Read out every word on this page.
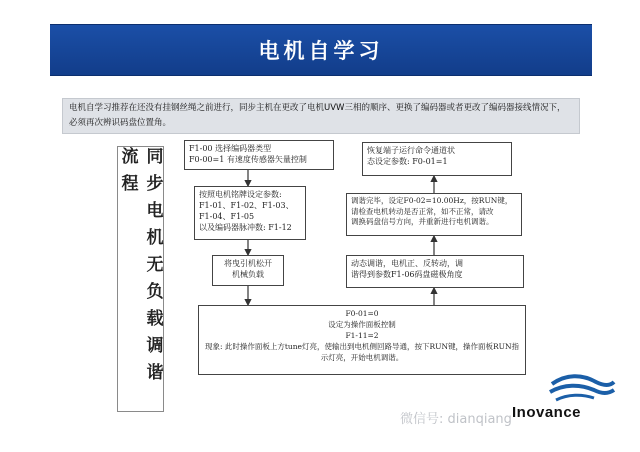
电机自学习
电机自学习推荐在还没有挂钢丝绳之前进行，同步主机在更改了电机UVW三相的顺序、更换了编码器或者更改了编码器接线情况下，必须再次辨识码盘位置角。
同步电机无负载调谐流程	F1-00 选择编码器类型
F0-00=1 有速度传感器矢量控制
按照电机铭牌设定参数:
F1-01、F1-02、F1-03、
F1-04、F1-05
以及编码器脉冲数: F1-12
将曳引机松开
机械负载
F0-01=0
设定为操作面板控制
F1-11=2
现象: 此时操作面板上方tune灯亮，使输出到电机侧回路导通，按下RUN键，操作面板RUN指示灯亮，开始电机调谐。
动态调谐，电机正、反转动，调
谐得到参数F1-06码盘磁极角度
调谐完毕，设定F0-02=10.00Hz，按RUN键，
请检查电机转动是否正常，如不正常，请改
调换码盘信号方向，并重新进行电机调谐。
恢复端子运行命令通道状
态设定参数: F0-01=1
微信号: dianqiang Inovance
